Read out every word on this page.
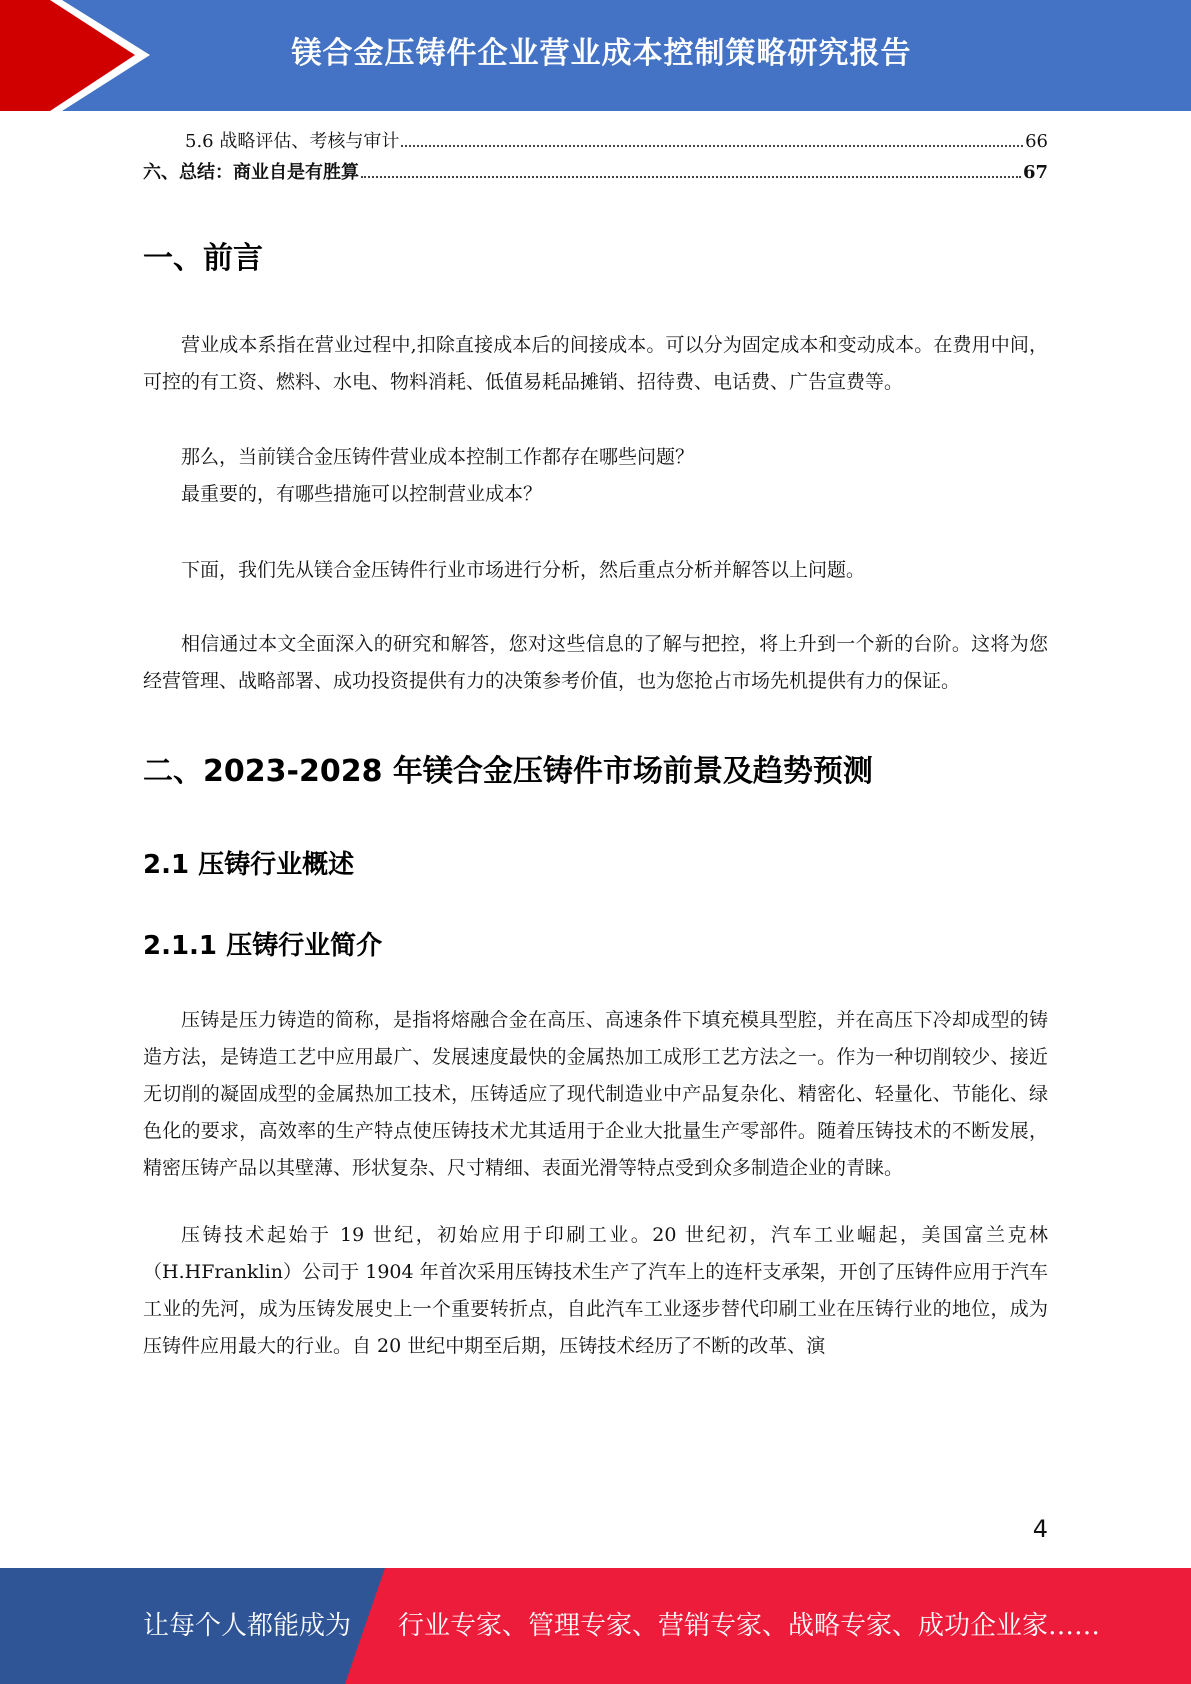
镁合金压铸件企业营业成本控制策略研究报告
5.6 战略评估、考核与审计	66
六、总结：商业自是有胜算	67
一、前言

营业成本系指在营业过程中,扣除直接成本后的间接成本。可以分为固定成本和变动成本。在费用中间，可控的有工资、燃料、水电、物料消耗、低值易耗品摊销、招待费、电话费、广告宣费等。

那么，当前镁合金压铸件营业成本控制工作都存在哪些问题？

最重要的，有哪些措施可以控制营业成本？

下面，我们先从镁合金压铸件行业市场进行分析，然后重点分析并解答以上问题。

相信通过本文全面深入的研究和解答，您对这些信息的了解与把控，将上升到一个新的台阶。这将为您经营管理、战略部署、成功投资提供有力的决策参考价值，也为您抢占市场先机提供有力的保证。

二、2023-2028 年镁合金压铸件市场前景及趋势预测
2.1 压铸行业概述
2.1.1 压铸行业简介

压铸是压力铸造的简称，是指将熔融合金在高压、高速条件下填充模具型腔，并在高压下冷却成型的铸造方法，是铸造工艺中应用最广、发展速度最快的金属热加工成形工艺方法之一。作为一种切削较少、接近无切削的凝固成型的金属热加工技术，压铸适应了现代制造业中产品复杂化、精密化、轻量化、节能化、绿色化的要求，高效率的生产特点使压铸技术尤其适用于企业大批量生产零部件。随着压铸技术的不断发展，精密压铸产品以其壁薄、形状复杂、尺寸精细、表面光滑等特点受到众多制造企业的青睐。

压铸技术起始于 19 世纪，初始应用于印刷工业。20 世纪初，汽车工业崛起，美国富兰克林（H.HFranklin）公司于 1904 年首次采用压铸技术生产了汽车上的连杆支承架，开创了压铸件应用于汽车工业的先河，成为压铸发展史上一个重要转折点，自此汽车工业逐步替代印刷工业在压铸行业的地位，成为压铸件应用最大的行业。自 20 世纪中期至后期，压铸技术经历了不断的改革、演

4
让每个人都能成为 行业专家、管理专家、营销专家、战略专家、成功企业家……
